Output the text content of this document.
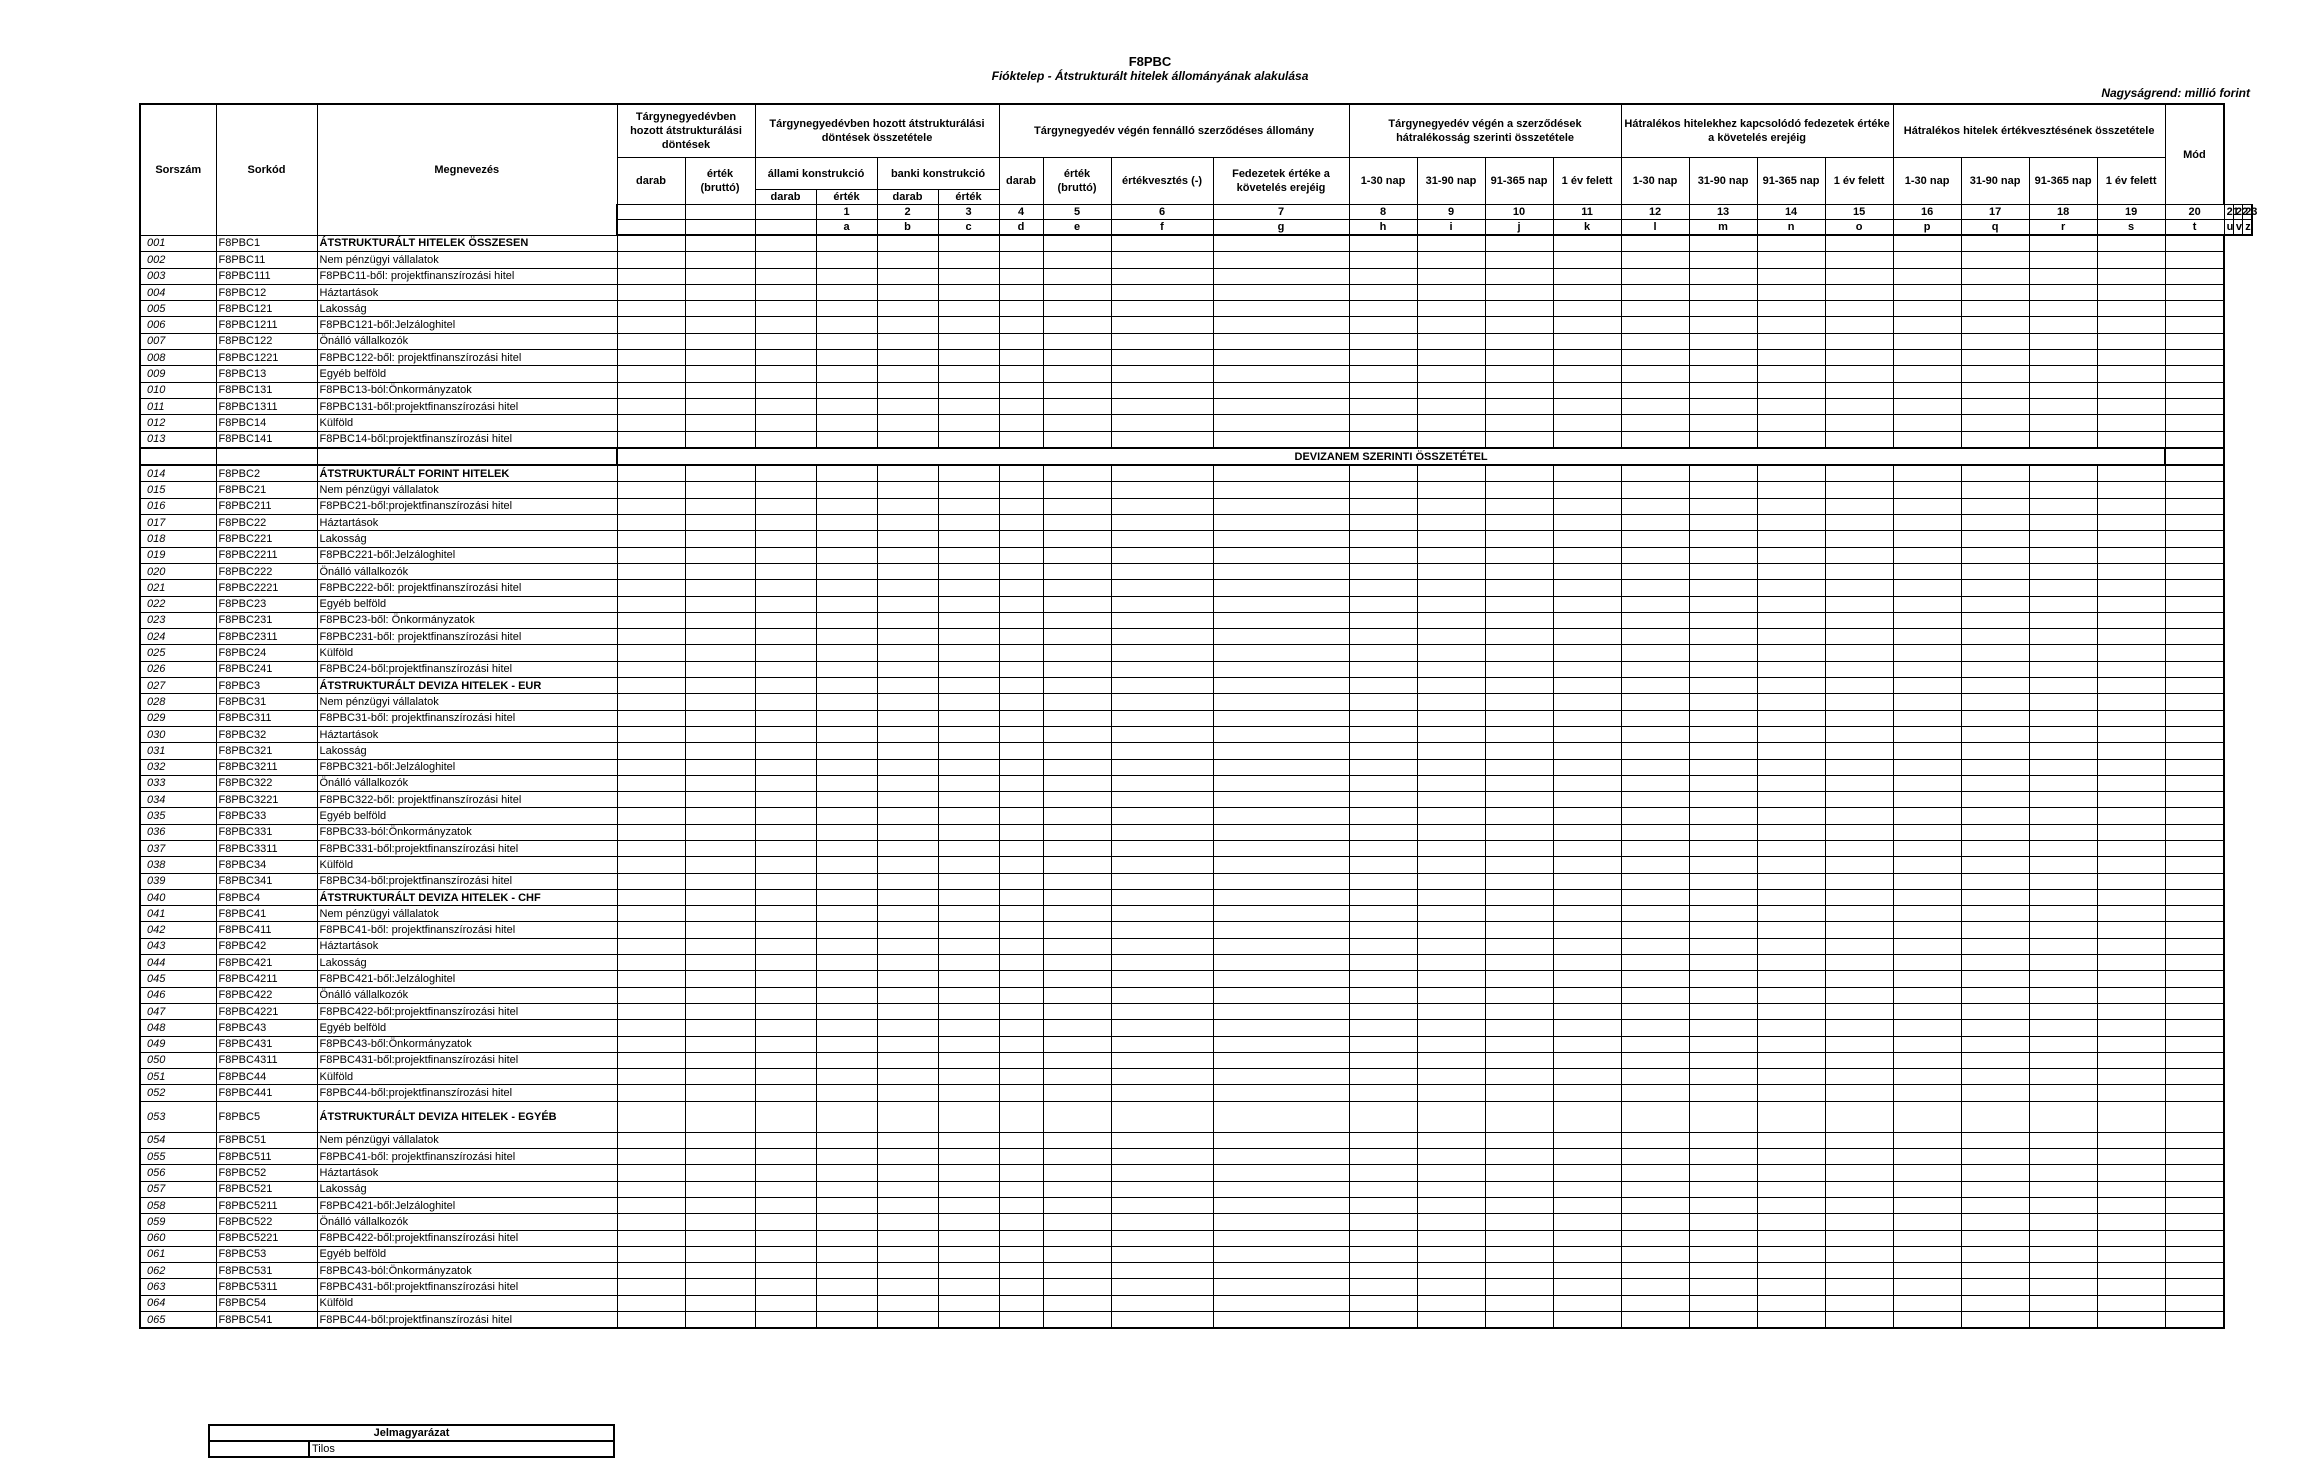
F8PBC
Fióktelep - Átstrukturált hitelek állományának alakulása
Nagyságrend: millió forint
Sorszám	Sorkód	Megnevezés	Tárgynegyedévben hozott átstrukturálási döntések		Tárgynegyedévben hozott átstrukturálási döntések összetétele				Tárgynegyedév végén fennálló szerződéses állomány				Tárgynegyedév végén a szerződések hátralékosság szerinti összetétele				Hátralékos hitelekhez kapcsolódó fedezetek értéke a követelés erejéig				Hátralékos hitelek értékvesztésének összetétele				Mód			
			darab	érték (bruttó)	állami konstrukció		banki konstrukció		darab	érték (bruttó)	értékvesztés (-)	Fedezetek értéke a követelés erejéig	1-30 nap	31-90 nap	91-365 nap	1 év felett	1-30 nap	31-90 nap	91-365 nap	1 év felett	1-30 nap	31-90 nap	91-365 nap	1 év felett				
					darab	érték	darab	érték																				
						1	2	3	4	5	6	7	8	9	10	11	12	13	14	15	16	17	18	19	20	21	22	23
						a	b	c	d	e	f	g	h	i	j	k	l	m	n	o	p	q	r	s	t	u	v	z
001	F8PBC1	ÁTSTRUKTURÁLT HITELEK ÖSSZESEN																										
002	F8PBC11	Nem pénzügyi vállalatok																										
003	F8PBC111	F8PBC11-ből: projektfinanszírozási hitel																										
004	F8PBC12	Háztartások																										
005	F8PBC121	Lakosság																										
006	F8PBC1211	F8PBC121-ből:Jelzáloghitel																										
007	F8PBC122	Önálló vállalkozók																										
008	F8PBC1221	F8PBC122-ből: projektfinanszírozási hitel																										
009	F8PBC13	Egyéb belföld																										
010	F8PBC131	F8PBC13-ból:Önkormányzatok																										
011	F8PBC1311	F8PBC131-ből:projektfinanszírozási hitel																										
012	F8PBC14	Külföld																										
013	F8PBC141	F8PBC14-ből:projektfinanszírozási hitel																										
			DEVIZANEM SZERINTI ÖSSZETÉTEL																									
014	F8PBC2	ÁTSTRUKTURÁLT FORINT HITELEK																										
015	F8PBC21	Nem pénzügyi vállalatok																										
016	F8PBC211	F8PBC21-ből:projektfinanszírozási hitel																										
017	F8PBC22	Háztartások																										
018	F8PBC221	Lakosság																										
019	F8PBC2211	F8PBC221-ből:Jelzáloghitel																										
020	F8PBC222	Önálló vállalkozók																										
021	F8PBC2221	F8PBC222-ből: projektfinanszírozási hitel																										
022	F8PBC23	Egyéb belföld																										
023	F8PBC231	F8PBC23-ből: Önkormányzatok																										
024	F8PBC2311	F8PBC231-ből: projektfinanszírozási hitel																										
025	F8PBC24	Külföld																										
026	F8PBC241	F8PBC24-ből:projektfinanszírozási hitel																										
027	F8PBC3	ÁTSTRUKTURÁLT DEVIZA HITELEK - EUR																										
028	F8PBC31	Nem pénzügyi vállalatok																										
029	F8PBC311	F8PBC31-ből: projektfinanszírozási hitel																										
030	F8PBC32	Háztartások																										
031	F8PBC321	Lakosság																										
032	F8PBC3211	F8PBC321-ből:Jelzáloghitel																										
033	F8PBC322	Önálló vállalkozók																										
034	F8PBC3221	F8PBC322-ből: projektfinanszírozási hitel																										
035	F8PBC33	Egyéb belföld																										
036	F8PBC331	F8PBC33-ból:Önkormányzatok																										
037	F8PBC3311	F8PBC331-ből:projektfinanszírozási hitel																										
038	F8PBC34	Külföld																										
039	F8PBC341	F8PBC34-ből:projektfinanszírozási hitel																										
040	F8PBC4	ÁTSTRUKTURÁLT DEVIZA HITELEK - CHF																										
041	F8PBC41	Nem pénzügyi vállalatok																										
042	F8PBC411	F8PBC41-ből: projektfinanszírozási hitel																										
043	F8PBC42	Háztartások																										
044	F8PBC421	Lakosság																										
045	F8PBC4211	F8PBC421-ből:Jelzáloghitel																										
046	F8PBC422	Önálló vállalkozók																										
047	F8PBC4221	F8PBC422-ből:projektfinanszírozási hitel																										
048	F8PBC43	Egyéb belföld																										
049	F8PBC431	F8PBC43-ből:Önkormányzatok																										
050	F8PBC4311	F8PBC431-ből:projektfinanszírozási hitel																										
051	F8PBC44	Külföld																										
052	F8PBC441	F8PBC44-ből:projektfinanszírozási hitel																										
053	F8PBC5	ÁTSTRUKTURÁLT DEVIZA HITELEK - EGYÉB																										
054	F8PBC51	Nem pénzügyi vállalatok																										
055	F8PBC511	F8PBC41-ből: projektfinanszírozási hitel																										
056	F8PBC52	Háztartások																										
057	F8PBC521	Lakosság																										
058	F8PBC5211	F8PBC421-ből:Jelzáloghitel																										
059	F8PBC522	Önálló vállalkozók																										
060	F8PBC5221	F8PBC422-ből:projektfinanszírozási hitel																										
061	F8PBC53	Egyéb belföld																										
062	F8PBC531	F8PBC43-ból:Önkormányzatok																										
063	F8PBC5311	F8PBC431-ből:projektfinanszírozási hitel																										
064	F8PBC54	Külföld																										
065	F8PBC541	F8PBC44-ből:projektfinanszírozási hitel																										
Jelmagyarázat
	Tilos
